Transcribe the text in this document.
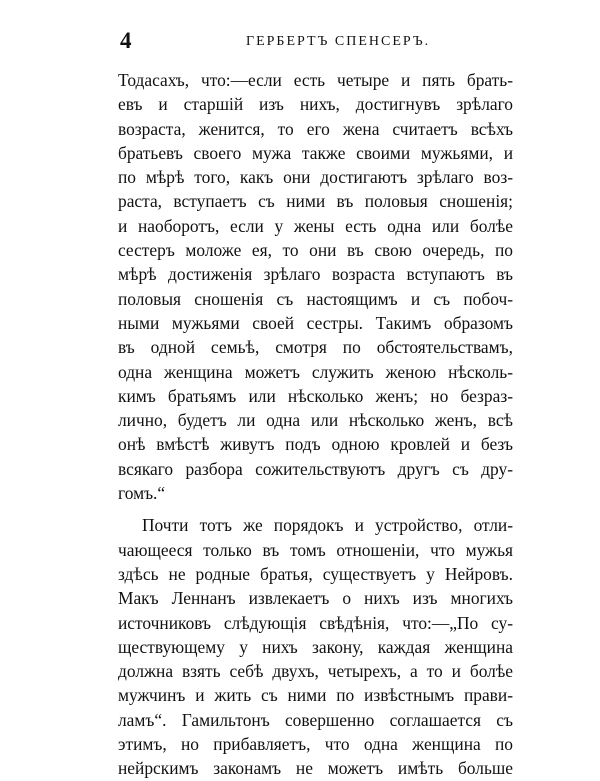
4	ГЕРБЕРТЪ СПЕНСЕРЪ.
Тодасахъ, что:—если есть четыре и пять брать-
евъ и старшiй изъ нихъ, достигнувъ зрѣлаго
возраста, женится, то его жена считаетъ всѣхъ
братьевъ своего мужа также своими мужьями, и
по мѣрѣ того, какъ они достигаютъ зрѣлаго воз-
раста, вступаетъ съ ними въ половыя сношенiя;
и наоборотъ, если у жены есть одна или болѣе
сестеръ моложе ея, то они въ свою очередь, по
мѣрѣ достиженiя зрѣлаго возраста вступаютъ въ
половыя сношенiя съ настоящимъ и съ побоч-
ными мужьями своей сестры. Такимъ образомъ
въ одной семьѣ, смотря по обстоятельствамъ,
одна женщина можетъ служить женою нѣсколь-
кимъ братьямъ или нѣсколько женъ; но безраз-
лично, будетъ ли одна или нѣсколько женъ, всѣ
онѣ вмѣстѣ живутъ подъ одною кровлей и безъ
всякаго разбора сожительствуютъ другъ съ дру-
гомъ.“
Почти тотъ же порядокъ и устройство, отли-
чающееся только въ томъ отношенiи, что мужья
здѣсь не родные братья, существуетъ у Нейровъ.
Макъ Леннанъ извлекаетъ о нихъ изъ многихъ
источниковъ слѣдующiя свѣдѣнiя, что:—„По су-
ществующему у нихъ закону, каждая женщина
должна взять себѣ двухъ, четырехъ, а то и болѣе
мужчинъ и жить съ ними по извѣстнымъ прави-
ламъ“. Гамильтонъ совершенно соглашается съ
этимъ, но прибавляетъ, что одна женщина по
нейрскимъ законамъ не можетъ имѣть больше
